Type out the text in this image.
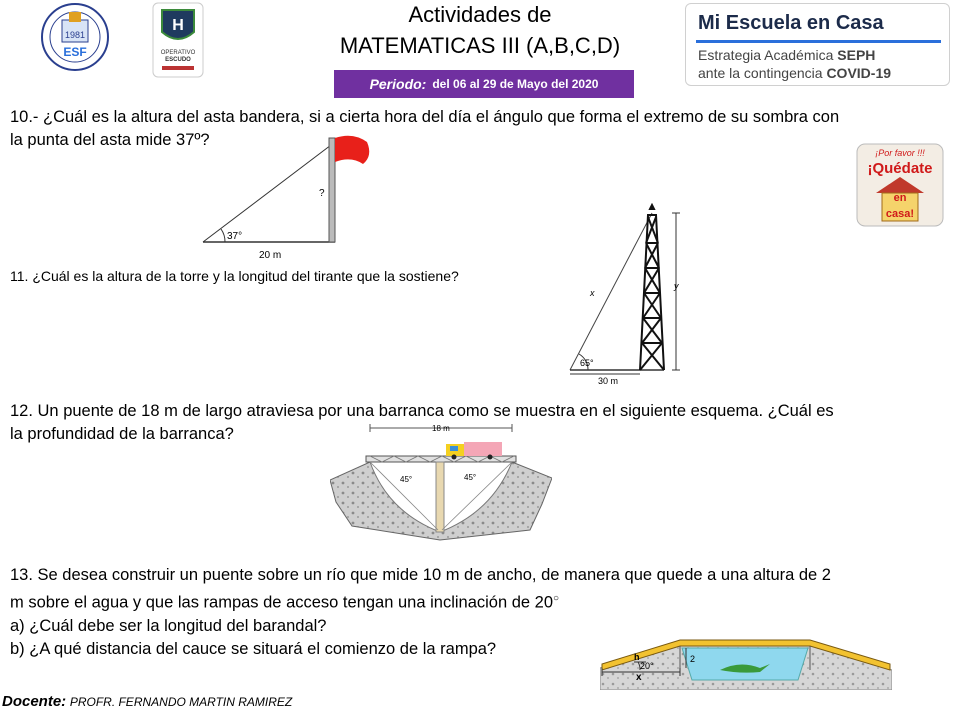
1981
ESF
H
OPERATIVO
ESCUDO
Actividades de
MATEMATICAS III (A,B,C,D)
Periodo: del 06 al 29 de Mayo del 2020
Mi Escuela en Casa
Estrategia Académica SEPH
ante la contingencia COVID-19
¡Por favor !!!
¡Quédate
en
casa!
10.- ¿Cuál es la altura del asta bandera, si a cierta hora del día el ángulo que forma el extremo de su sombra con
la punta del asta mide 37º?
37°
?
20 m
11. ¿Cuál es la altura de la torre y la longitud del tirante que la sostiene?
y
x
65°
30 m
12. Un puente de 18 m de largo atraviesa por una barranca como se muestra en el siguiente esquema. ¿Cuál es
la profundidad de la barranca?	18 m
45°	45°
13. Se desea construir un puente sobre un río que mide 10 m de ancho, de manera que quede a una altura de 2
m sobre el agua y que las rampas de acceso tengan una inclinación de 20○
a) ¿Cuál debe ser la longitud del barandal?
b) ¿A qué distancia del cauce se situará el comienzo de la rampa?
2
h
20°
x
Docente: PROFR. FERNANDO MARTIN RAMIREZ
